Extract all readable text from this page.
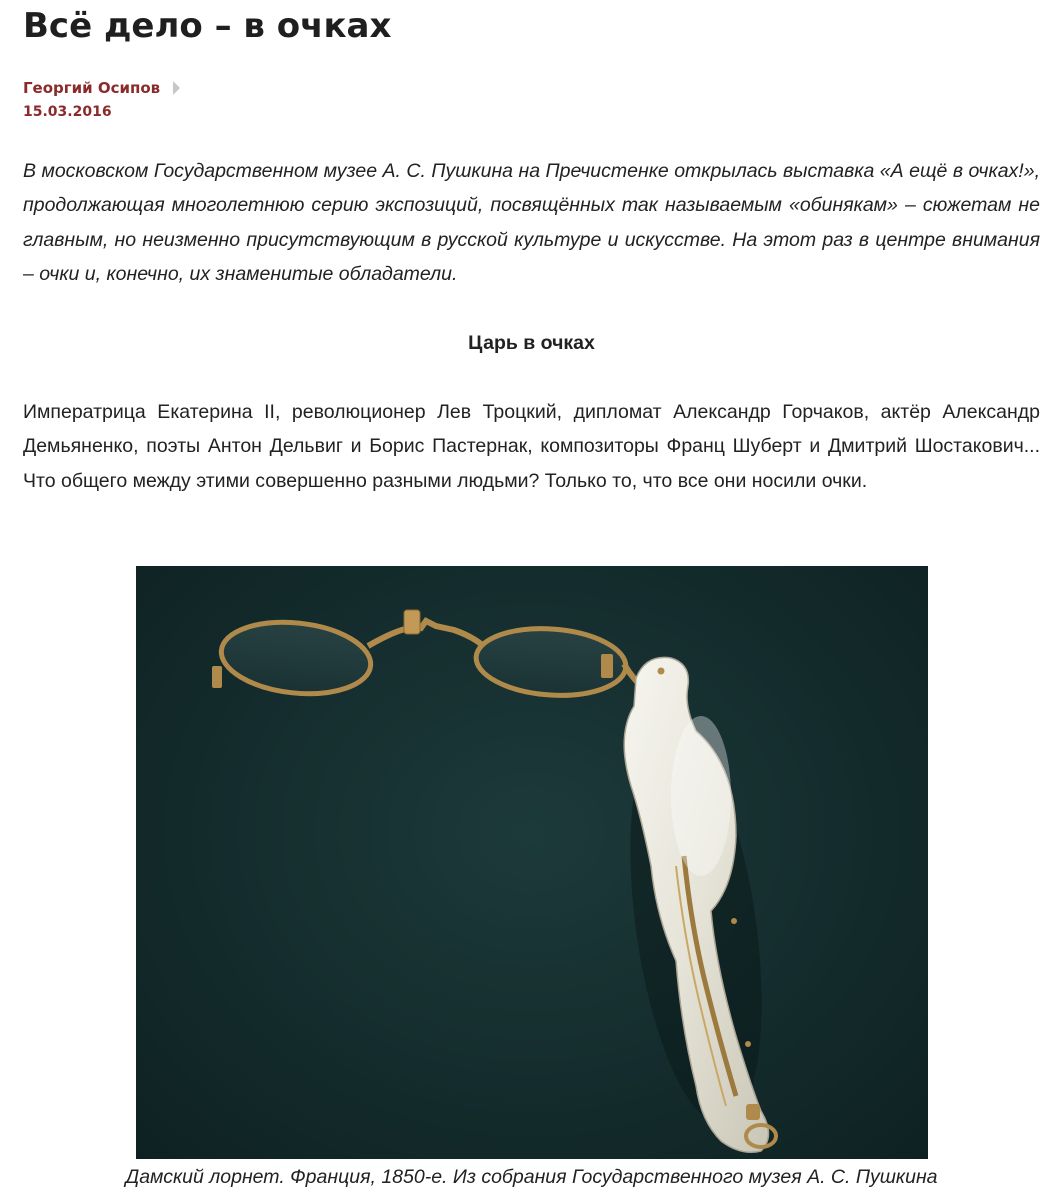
Всё дело – в очках
Георгий Осипов
15.03.2016

В московском Государственном музее А. С. Пушкина на Пречистенке открылась выставка «А ещё в очках!», продолжающая многолетнюю серию экспозиций, посвящённых так называемым «обинякам» – сюжетам не главным, но неизменно присутствующим в русской культуре и искусстве. На этот раз в центре внимания – очки и, конечно, их знаменитые обладатели.

Царь в очках

Императрица Екатерина II, революционер Лев Троцкий, дипломат Александр Горчаков, актёр Александр Демьяненко, поэты Антон Дельвиг и Борис Пастернак, композиторы Франц Шуберт и Дмитрий Шостакович... Что общего между этими совершенно разными людьми? Только то, что все они носили очки.

Дамский лорнет. Франция, 1850-е. Из собрания Государственного музея А. С. Пушкина
